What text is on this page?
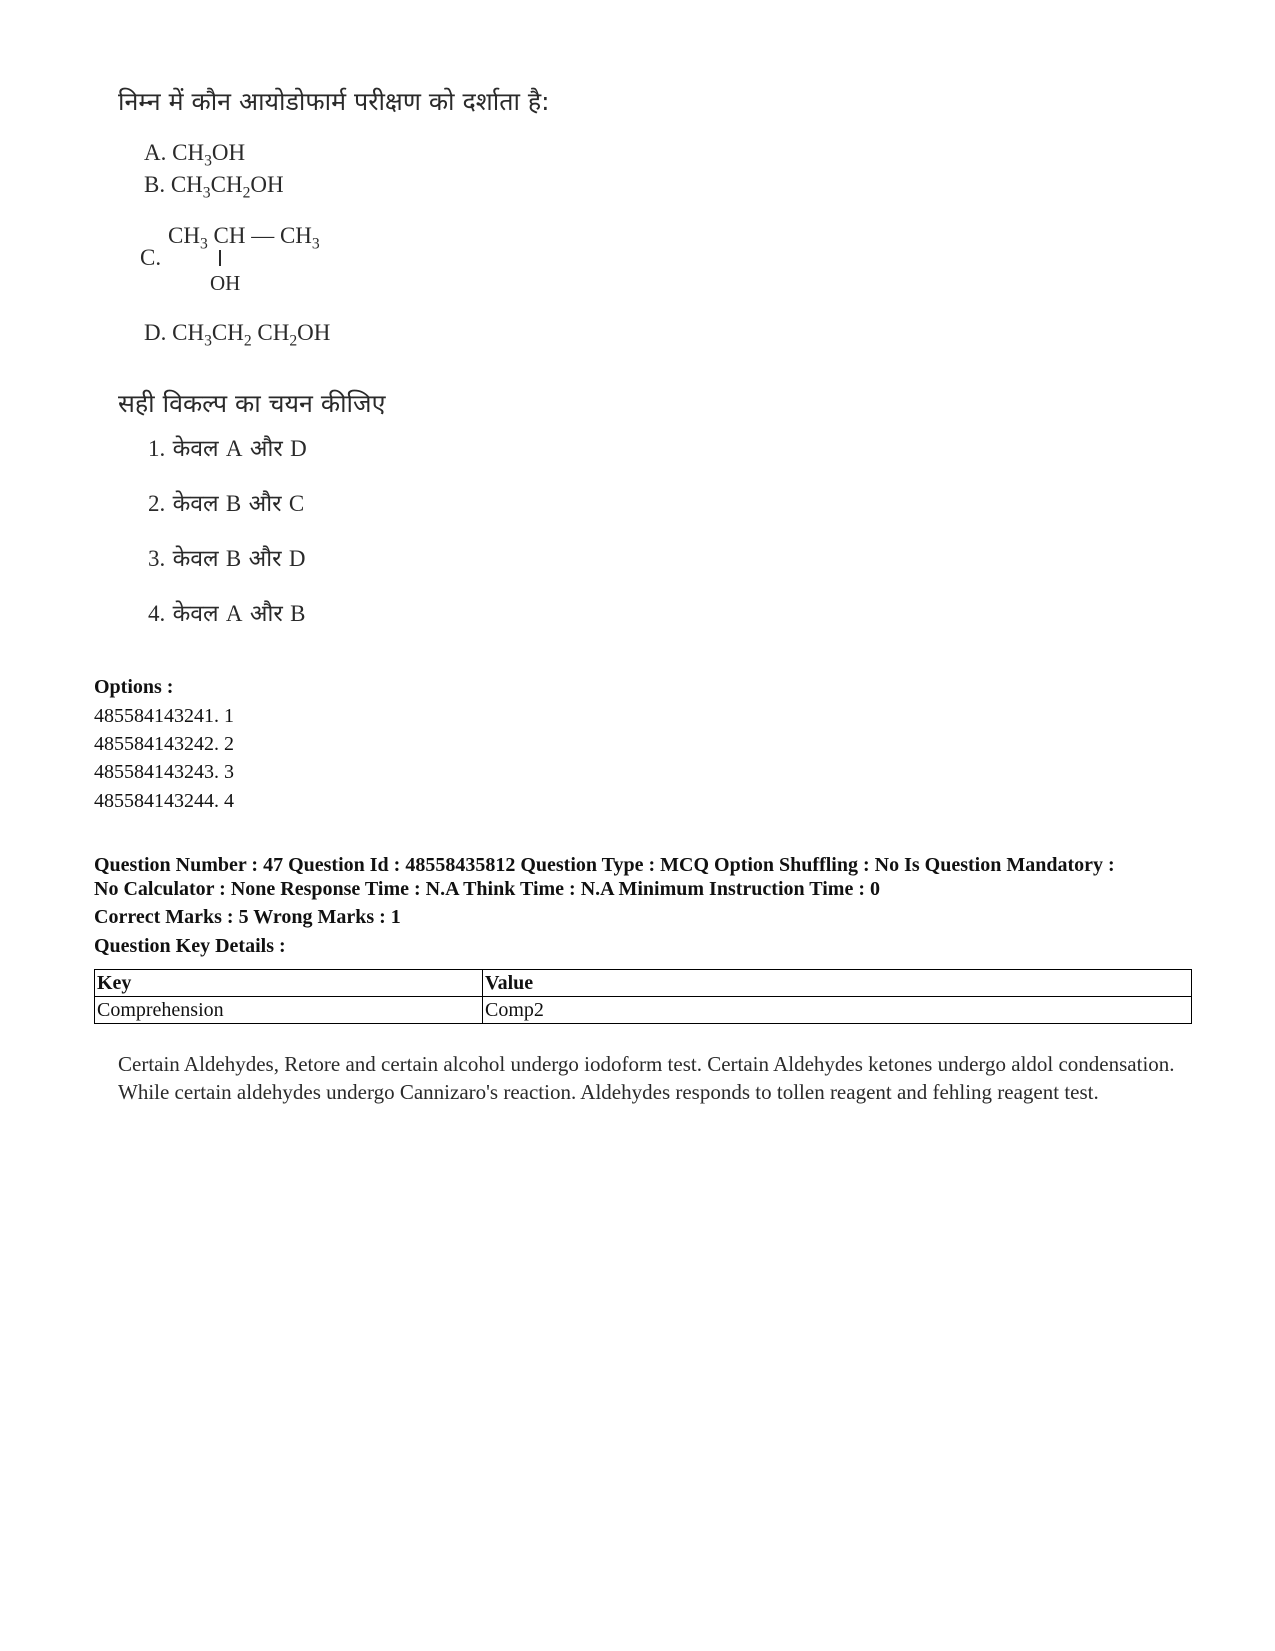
निम्न में कौन आयोडोफार्म परीक्षण को दर्शाता है:
A. $CH_3OH$
B. $CH_3CH_2OH$
C.
$CH_3$ CH — $CH_3$
OH
D. $CH_3CH_2$ $CH_2OH$
सही विकल्प का चयन कीजिए
1. केवल A और D
2. केवल B और C
3. केवल B और D
4. केवल A और B
Options :
485584143241. 1
485584143242. 2
485584143243. 3
485584143244. 4
Question Number : 47 Question Id : 48558435812 Question Type : MCQ Option Shuffling : No Is Question Mandatory :
No Calculator : None Response Time : N.A Think Time : N.A Minimum Instruction Time : 0
Correct Marks : 5 Wrong Marks : 1
Question Key Details :
Key	Value
Comprehension	Comp2
Certain Aldehydes, Retore and certain alcohol undergo iodoform test. Certain Aldehydes ketones undergo aldol condensation. While certain aldehydes undergo Cannizaro's reaction. Aldehydes responds to tollen reagent and fehling reagent test.
